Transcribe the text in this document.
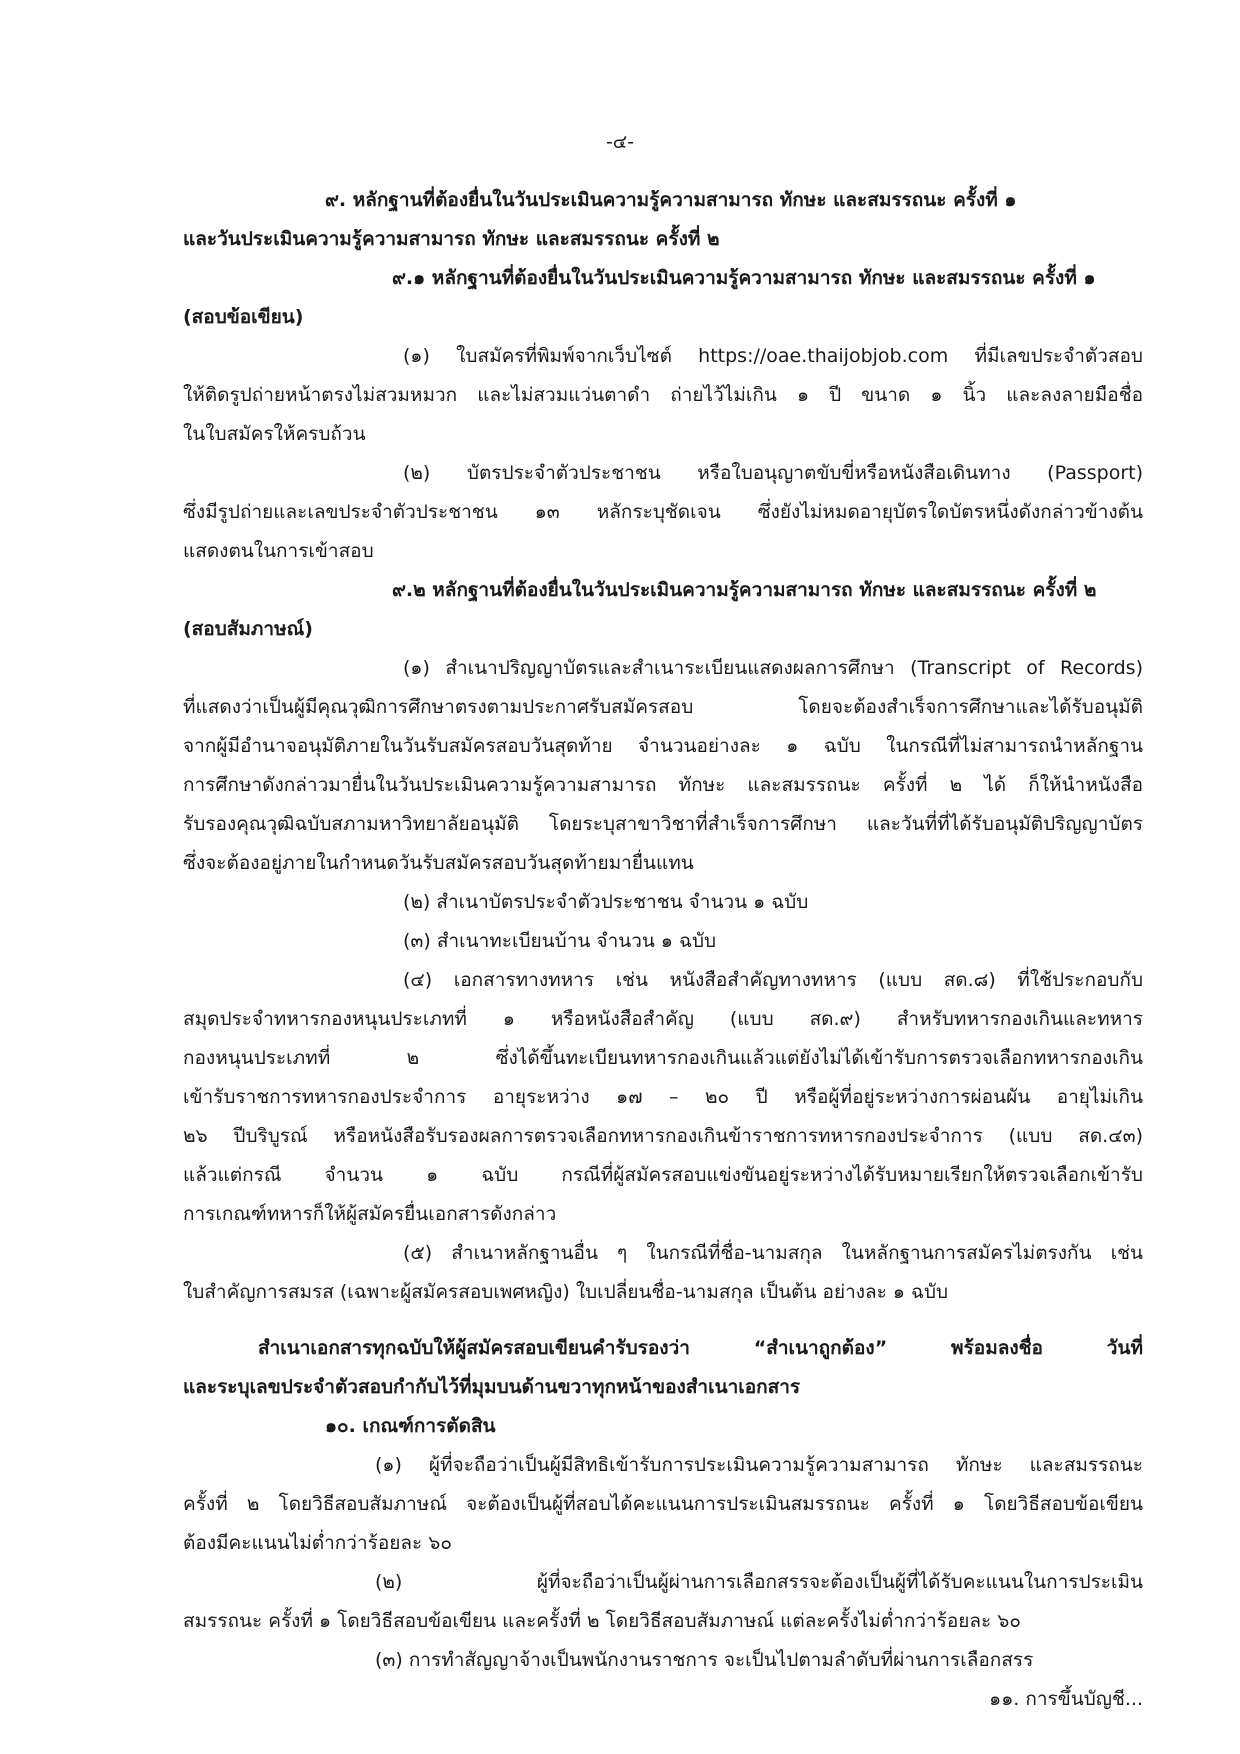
-๔-
๙. หลักฐานที่ต้องยื่นในวันประเมินความรู้ความสามารถ ทักษะ และสมรรถนะ ครั้งที่ ๑
และวันประเมินความรู้ความสามารถ ทักษะ และสมรรถนะ ครั้งที่ ๒
๙.๑ หลักฐานที่ต้องยื่นในวันประเมินความรู้ความสามารถ ทักษะ และสมรรถนะ ครั้งที่ ๑
(สอบข้อเขียน)
(๑) ใบสมัครที่พิมพ์จากเว็บไซต์ https://oae.thaijobjob.com ที่มีเลขประจำตัวสอบ
ให้ติดรูปถ่ายหน้าตรงไม่สวมหมวก และไม่สวมแว่นตาดำ ถ่ายไว้ไม่เกิน ๑ ปี ขนาด ๑ นิ้ว และลงลายมือชื่อ
ในใบสมัครให้ครบถ้วน
(๒) บัตรประจำตัวประชาชน หรือใบอนุญาตขับขี่หรือหนังสือเดินทาง (Passport)
ซึ่งมีรูปถ่ายและเลขประจำตัวประชาชน ๑๓ หลักระบุชัดเจน ซึ่งยังไม่หมดอายุบัตรใดบัตรหนึ่งดังกล่าวข้างต้น
แสดงตนในการเข้าสอบ
๙.๒ หลักฐานที่ต้องยื่นในวันประเมินความรู้ความสามารถ ทักษะ และสมรรถนะ ครั้งที่ ๒
(สอบสัมภาษณ์)
(๑) สำเนาปริญญาบัตรและสำเนาระเบียนแสดงผลการศึกษา (Transcript of Records)
ที่แสดงว่าเป็นผู้มีคุณวุฒิการศึกษาตรงตามประกาศรับสมัครสอบ โดยจะต้องสำเร็จการศึกษาและได้รับอนุมัติ
จากผู้มีอำนาจอนุมัติภายในวันรับสมัครสอบวันสุดท้าย จำนวนอย่างละ ๑ ฉบับ ในกรณีที่ไม่สามารถนำหลักฐาน
การศึกษาดังกล่าวมายื่นในวันประเมินความรู้ความสามารถ ทักษะ และสมรรถนะ ครั้งที่ ๒ ได้ ก็ให้นำหนังสือ
รับรองคุณวุฒิฉบับสภามหาวิทยาลัยอนุมัติ โดยระบุสาขาวิชาที่สำเร็จการศึกษา และวันที่ที่ได้รับอนุมัติปริญญาบัตร
ซึ่งจะต้องอยู่ภายในกำหนดวันรับสมัครสอบวันสุดท้ายมายื่นแทน
(๒) สำเนาบัตรประจำตัวประชาชน จำนวน ๑ ฉบับ
(๓) สำเนาทะเบียนบ้าน จำนวน ๑ ฉบับ
(๔) เอกสารทางทหาร เช่น หนังสือสำคัญทางทหาร (แบบ สด.๘) ที่ใช้ประกอบกับ
สมุดประจำทหารกองหนุนประเภทที่ ๑ หรือหนังสือสำคัญ (แบบ สด.๙) สำหรับทหารกองเกินและทหาร
กองหนุนประเภทที่ ๒ ซึ่งได้ขึ้นทะเบียนทหารกองเกินแล้วแต่ยังไม่ได้เข้ารับการตรวจเลือกทหารกองเกิน
เข้ารับราชการทหารกองประจำการ อายุระหว่าง ๑๗ – ๒๐ ปี หรือผู้ที่อยู่ระหว่างการผ่อนผัน อายุไม่เกิน
๒๖ ปีบริบูรณ์ หรือหนังสือรับรองผลการตรวจเลือกทหารกองเกินข้าราชการทหารกองประจำการ (แบบ สด.๔๓)
แล้วแต่กรณี จำนวน ๑ ฉบับ กรณีที่ผู้สมัครสอบแข่งขันอยู่ระหว่างได้รับหมายเรียกให้ตรวจเลือกเข้ารับ
การเกณฑ์ทหารก็ให้ผู้สมัครยื่นเอกสารดังกล่าว
(๕) สำเนาหลักฐานอื่น ๆ ในกรณีที่ชื่อ-นามสกุล ในหลักฐานการสมัครไม่ตรงกัน เช่น
ใบสำคัญการสมรส (เฉพาะผู้สมัครสอบเพศหญิง) ใบเปลี่ยนชื่อ-นามสกุล เป็นต้น อย่างละ ๑ ฉบับ
สำเนาเอกสารทุกฉบับให้ผู้สมัครสอบเขียนคำรับรองว่า “สำเนาถูกต้อง” พร้อมลงชื่อ วันที่
และระบุเลขประจำตัวสอบกำกับไว้ที่มุมบนด้านขวาทุกหน้าของสำเนาเอกสาร
๑๐. เกณฑ์การตัดสิน
(๑) ผู้ที่จะถือว่าเป็นผู้มีสิทธิเข้ารับการประเมินความรู้ความสามารถ ทักษะ และสมรรถนะ
ครั้งที่ ๒ โดยวิธีสอบสัมภาษณ์ จะต้องเป็นผู้ที่สอบได้คะแนนการประเมินสมรรถนะ ครั้งที่ ๑ โดยวิธีสอบข้อเขียน
ต้องมีคะแนนไม่ต่ำกว่าร้อยละ ๖๐
(๒) ผู้ที่จะถือว่าเป็นผู้ผ่านการเลือกสรรจะต้องเป็นผู้ที่ได้รับคะแนนในการประเมิน
สมรรถนะ ครั้งที่ ๑ โดยวิธีสอบข้อเขียน และครั้งที่ ๒ โดยวิธีสอบสัมภาษณ์ แต่ละครั้งไม่ต่ำกว่าร้อยละ ๖๐
(๓) การทำสัญญาจ้างเป็นพนักงานราชการ จะเป็นไปตามลำดับที่ผ่านการเลือกสรร
๑๑. การขึ้นบัญชี...
